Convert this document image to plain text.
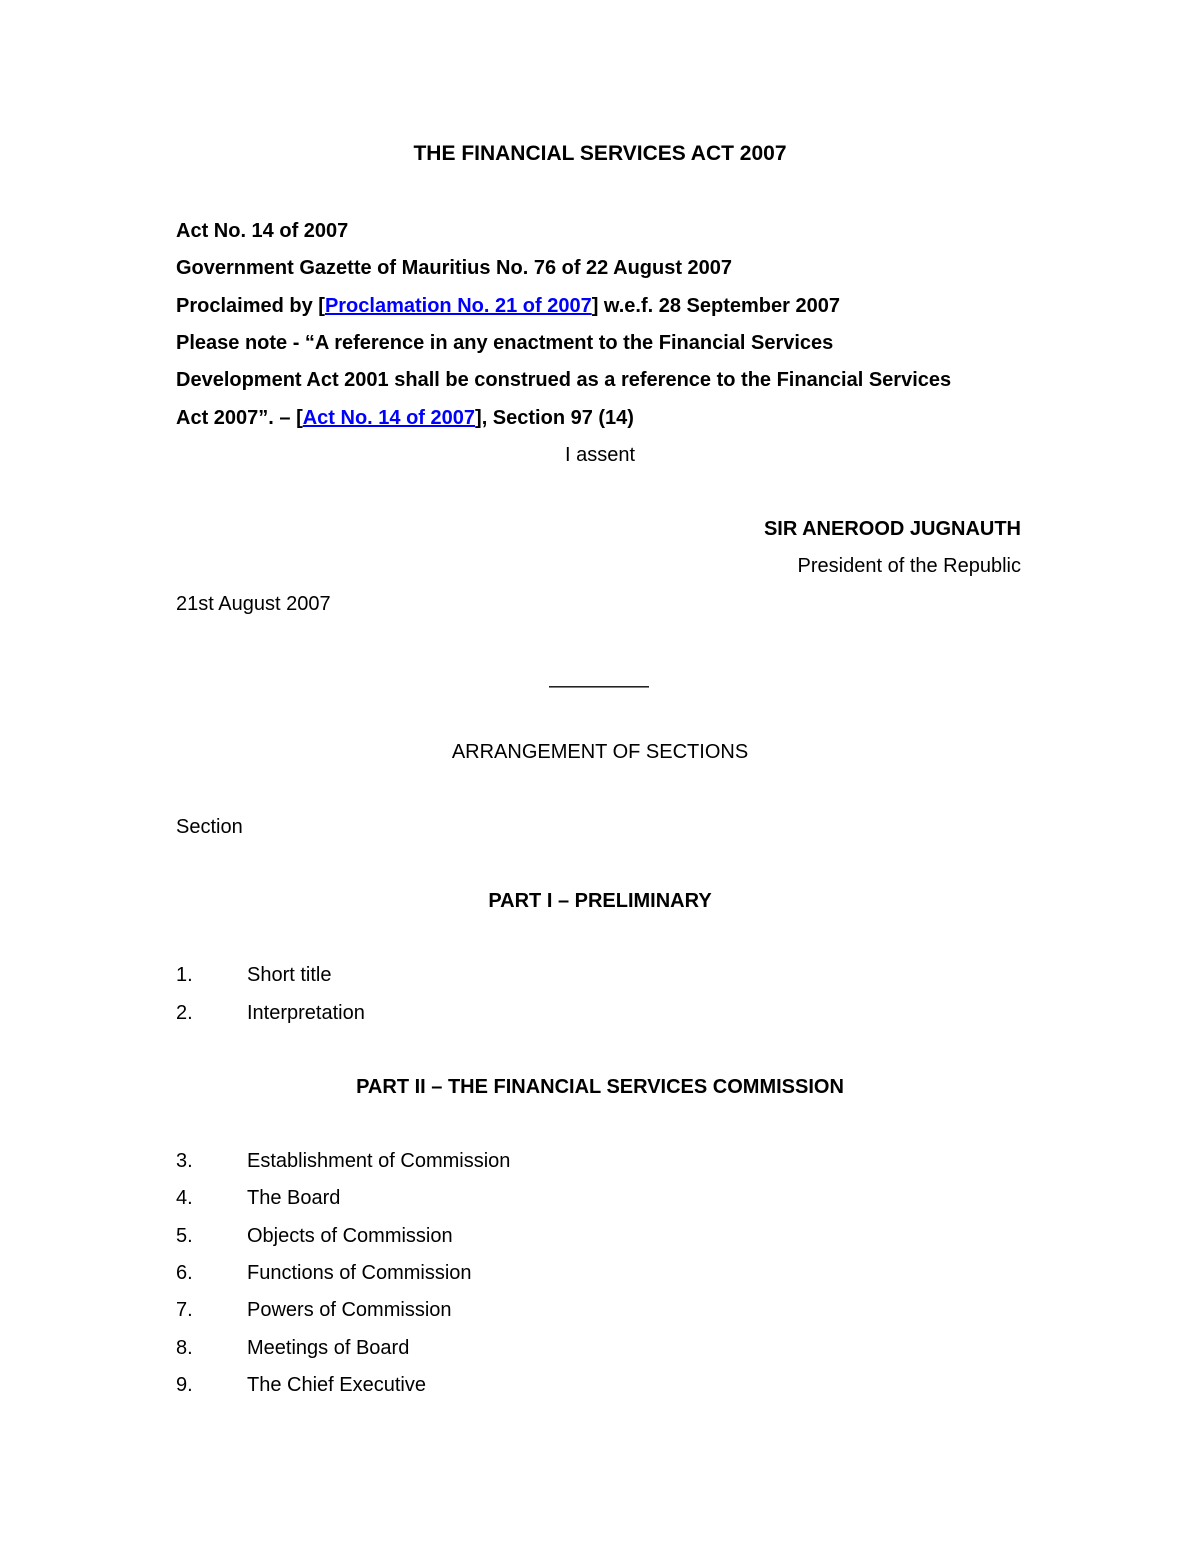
THE FINANCIAL SERVICES ACT 2007
Act No. 14 of 2007
Government Gazette of Mauritius No. 76 of 22 August 2007
Proclaimed by [Proclamation No. 21 of 2007] w.e.f. 28 September 2007
Please note - “A reference in any enactment to the Financial Services
Development Act 2001 shall be construed as a reference to the Financial Services
Act 2007”. – [Act No. 14 of 2007], Section 97 (14)
I assent
SIR ANEROOD JUGNAUTH
President of the Republic
21st August 2007
—————
ARRANGEMENT OF SECTIONS
Section
PART I – PRELIMINARY
1.	Short title
2.	Interpretation
PART II – THE FINANCIAL SERVICES COMMISSION
3.	Establishment of Commission
4.	The Board
5.	Objects of Commission
6.	Functions of Commission
7.	Powers of Commission
8.	Meetings of Board
9.	The Chief Executive
